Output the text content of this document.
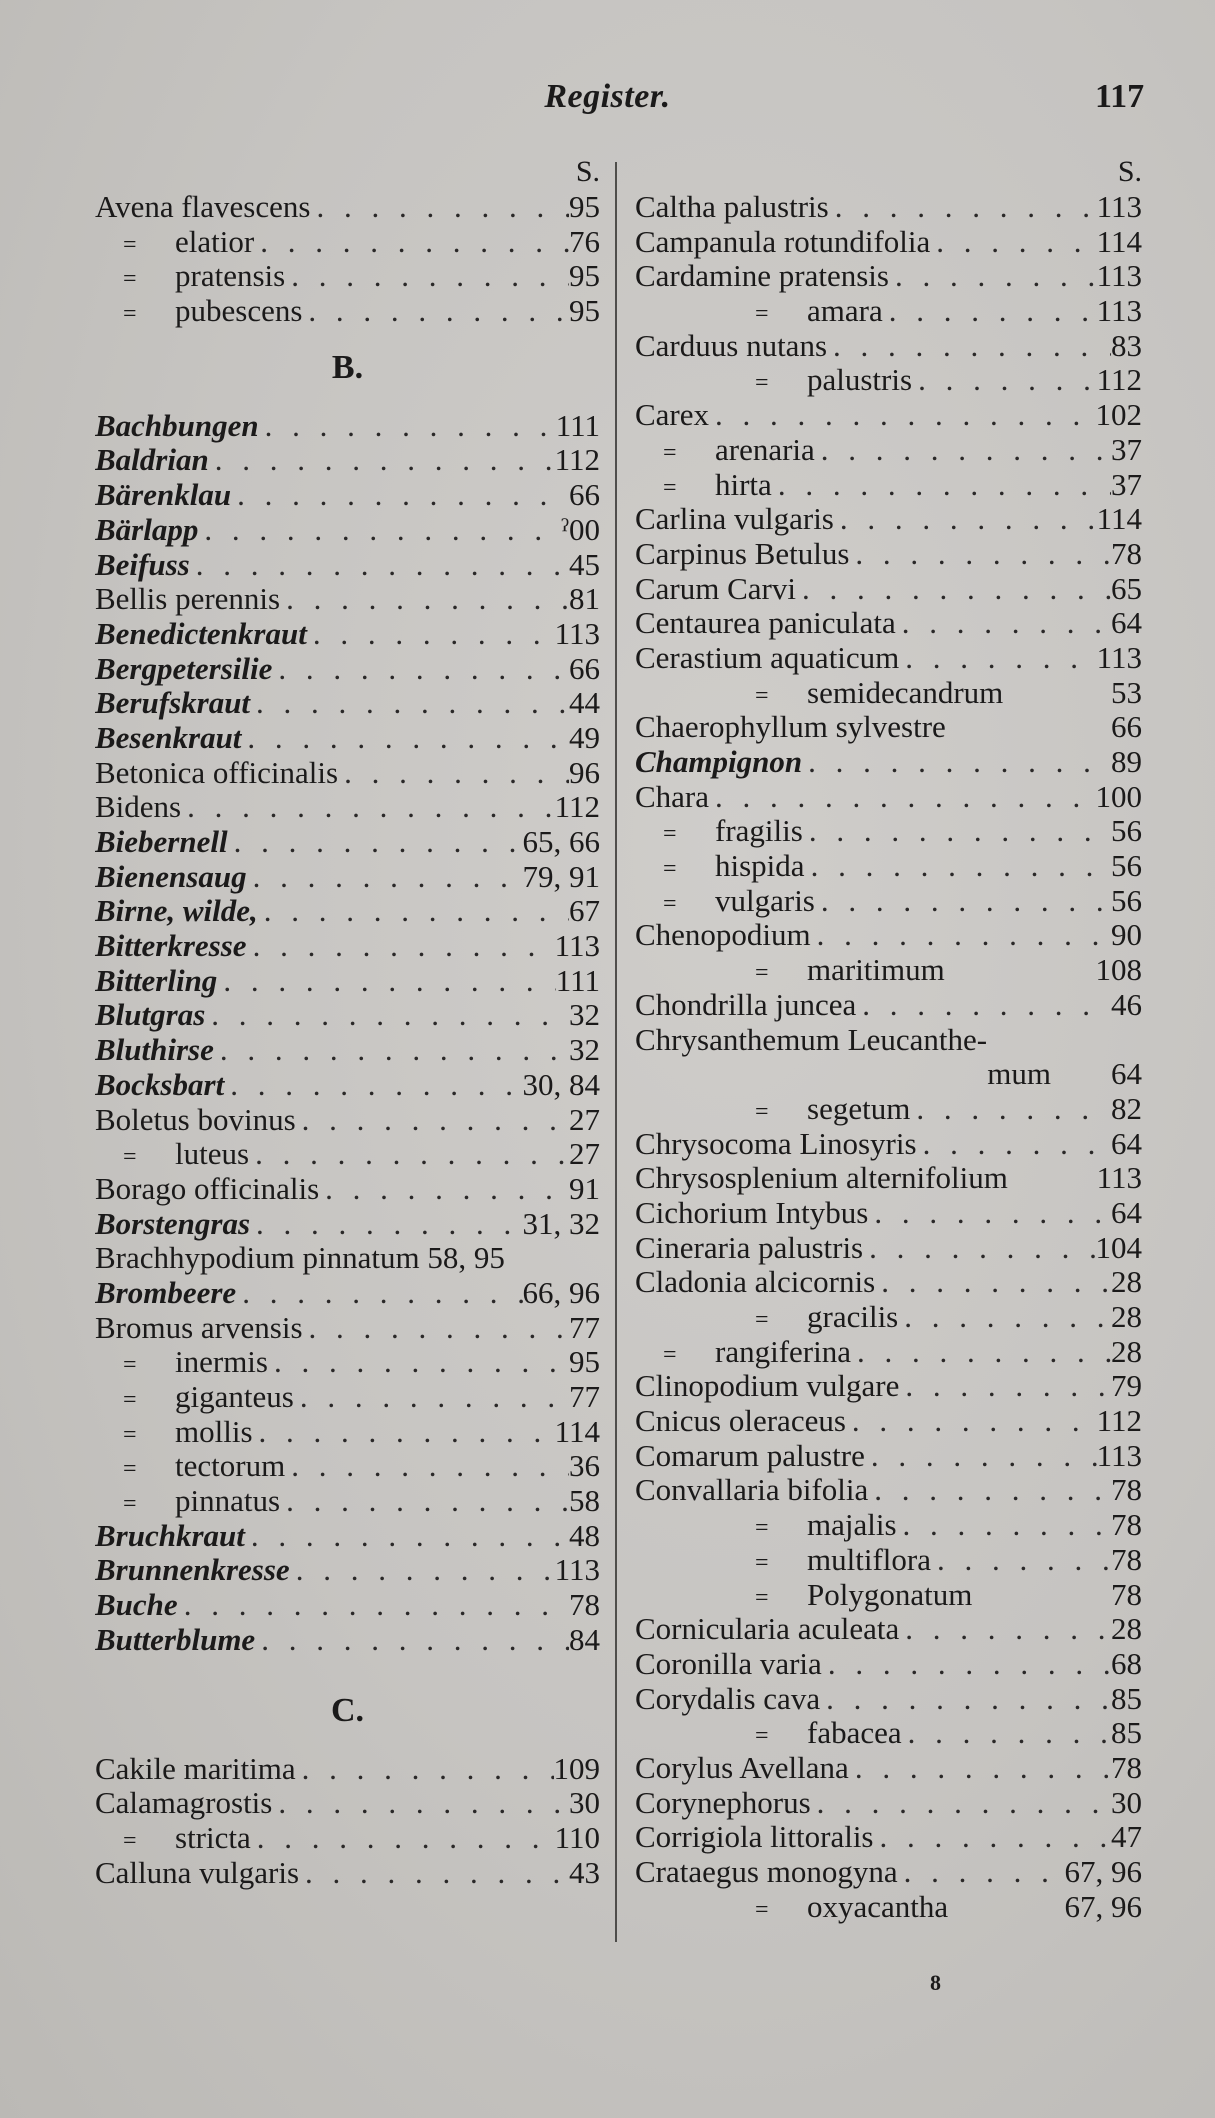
Register.	117
S.
Avena flavescens . . .	95
= elatior . . .	76
= pratensis . . .	95
= pubescens . . .	95
B.
Bachbungen . . .	111
Baldrian . . .	112
Bärenklau . . .	66
Bärlapp . . .	ˀ00
Beifuss . . .	45
Bellis perennis . . .	81
Benedictenkraut . . .	113
Bergpetersilie . . .	66
Berufskraut . . .	44
Besenkraut . . .	49
Betonica officinalis . . .	96
Bidens . . .	112
Biebernell . . .	65, 66
Bienensaug . . .	79, 91
Birne, wilde, . . .	67
Bitterkresse . . .	113
Bitterling . . .	111
Blutgras . . .	32
Bluthirse . . .	32
Bocksbart . . .	30, 84
Boletus bovinus . . .	27
= luteus . . .	27
Borago officinalis . . .	91
Borstengras . . .	31, 32
Brachhypodium pinnatum 58, 95
Brombeere . . .	66, 96
Bromus arvensis . . .	77
= inermis . . .	95
= giganteus . . .	77
= mollis . . .	114
= tectorum . . .	36
= pinnatus . . .	58
Bruchkraut . . .	48
Brunnenkresse . . .	113
Buche . . .	78
Butterblume . . .	84
C.
Cakile maritima . . .	109
Calamagrostis . . .	30
= stricta . . .	110
Calluna vulgaris . . .	43
S.
Caltha palustris . . .	113
Campanula rotundifolia . . .	114
Cardamine pratensis . . .	113
= amara . . .	113
Carduus nutans . . .	83
= palustris . . .	112
Carex . . .	102
= arenaria . . .	37
= hirta . . .	37
Carlina vulgaris . . .	114
Carpinus Betulus . . .	78
Carum Carvi . . .	65
Centaurea paniculata . . .	64
Cerastium aquaticum . . .	113
= semidecandrum	53
Chaerophyllum sylvestre	66
Champignon . . .	89
Chara . . .	100
= fragilis . . .	56
= hispida . . .	56
= vulgaris . . .	56
Chenopodium . . .	90
= maritimum	108
Chondrilla juncea . . .	46
Chrysanthemum Leucanthe-
mum	64
= segetum . . .	82
Chrysocoma Linosyris . . .	64
Chrysosplenium alternifolium	113
Cichorium Intybus . . .	64
Cineraria palustris . . .	104
Cladonia alcicornis . . .	28
= gracilis . . .	28
= rangiferina . . .	28
Clinopodium vulgare . . .	79
Cnicus oleraceus . . .	112
Comarum palustre . . .	113
Convallaria bifolia . . .	78
= majalis . . .	78
= multiflora . . .	78
= Polygonatum	78
Cornicularia aculeata . . .	28
Coronilla varia . . .	68
Corydalis cava . . .	85
= fabacea . . .	85
Corylus Avellana . . .	78
Corynephorus . . .	30
Corrigiola littoralis . . .	47
Crataegus monogyna . . .	67, 96
= oxyacantha	67, 96
8
